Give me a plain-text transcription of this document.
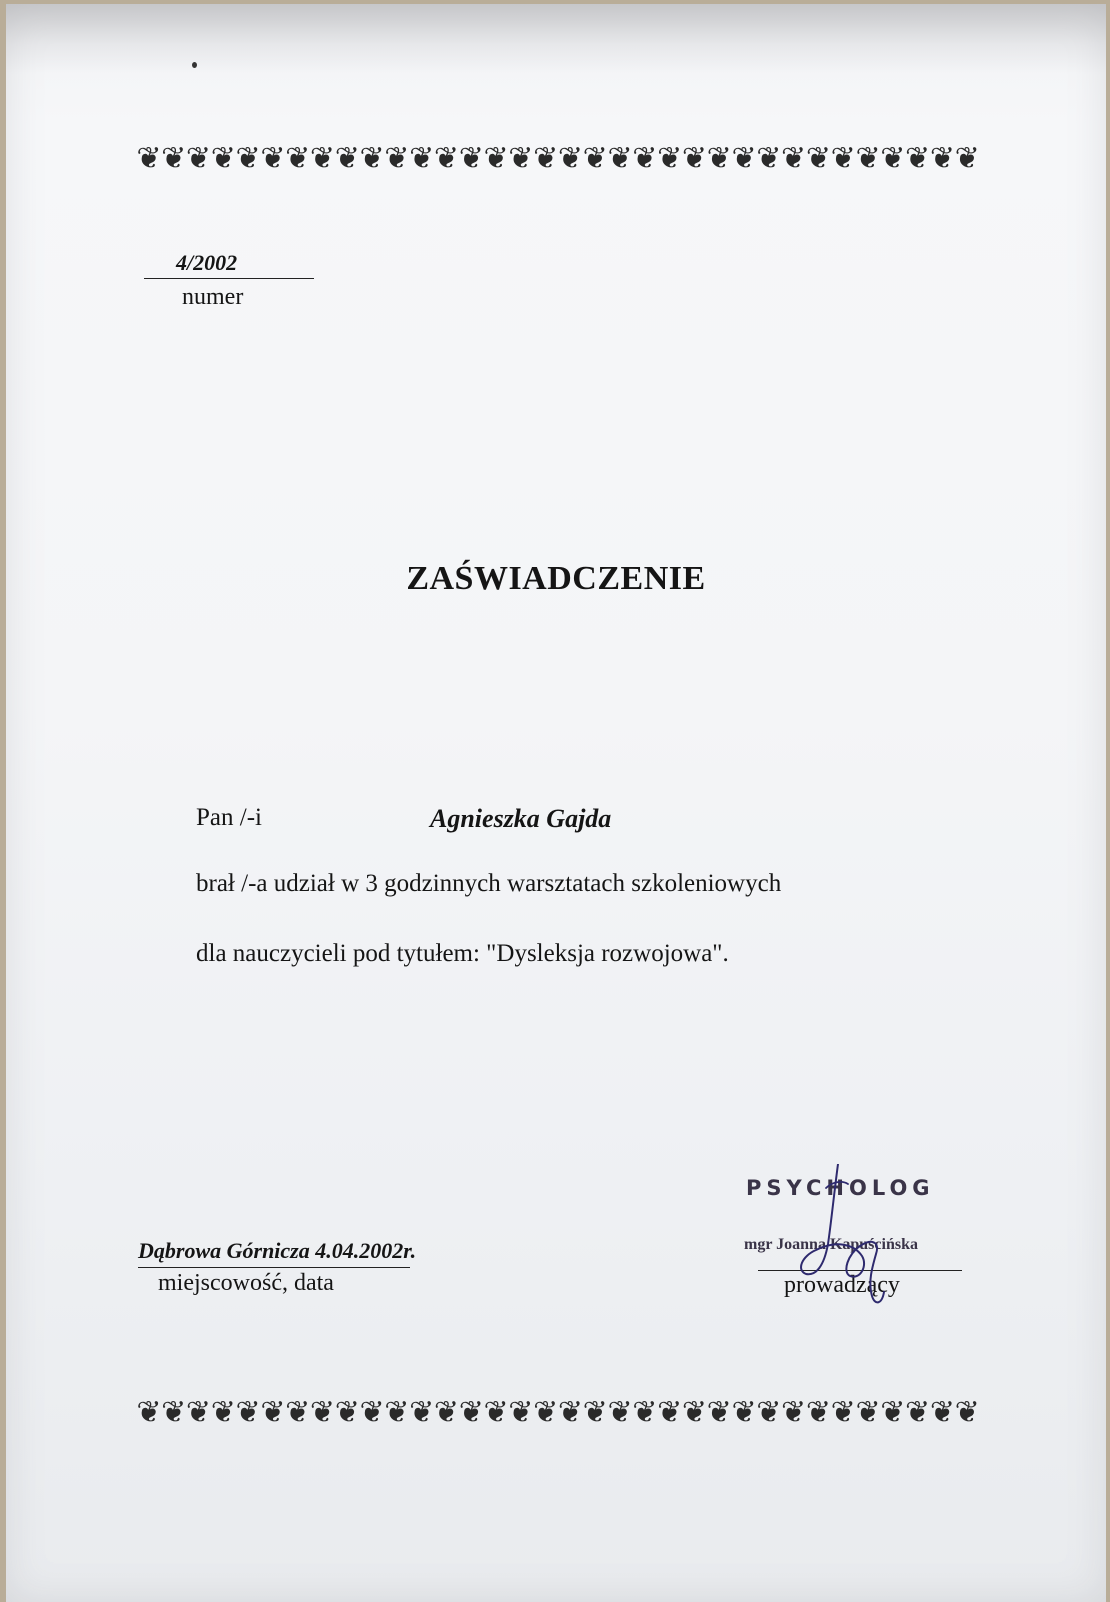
❦❦❦❦❦❦❦❦❦❦❦❦❦❦❦❦❦❦❦❦❦❦❦❦❦❦❦❦❦❦❦❦❦❦
4/2002
numer
ZAŚWIADCZENIE
Pan /-i	Agnieszka Gajda
brał /-a udział w 3 godzinnych warsztatach szkoleniowych
dla nauczycieli pod tytułem: "Dysleksja rozwojowa".
Dąbrowa Górnicza 4.04.2002r.
miejscowość, data
PSYCHOLOG
mgr Joanna Kapuścińska
prowadzący
❦❦❦❦❦❦❦❦❦❦❦❦❦❦❦❦❦❦❦❦❦❦❦❦❦❦❦❦❦❦❦❦❦❦
